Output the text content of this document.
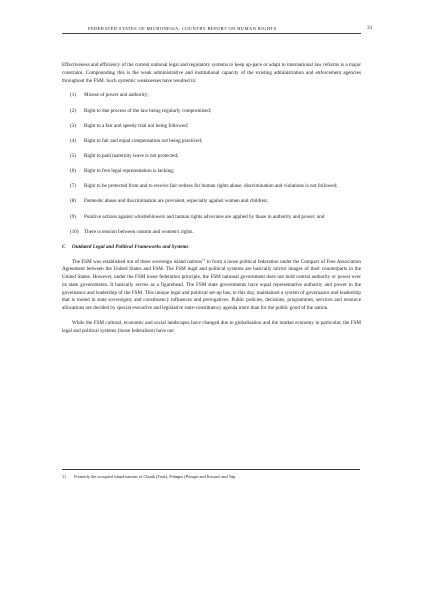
FEDERATED STATES OF MICRONESIA: COUNTRY REPORT ON HUMAN RIGHTS	31

Effectiveness and efficiency of the current national legal and regulatory systems to keep up-pace or adapt to international law reforms is a major constraint. Compounding this is the weak administrative and institutional capacity of the existing administration and enforcement agencies throughout the FSM. Such systemic weaknesses have resulted in:

(1)	Misuse of power and authority;
(2)	Right to due process of the law being regularly compromised;
(3)	Right to a fair and speedy trial not being followed;
(4)	Right to fair and equal compensation not being practiced;
(5)	Right to paid maternity leave is not protected;
(6)	Right to free legal representation is lacking;
(7)	Right to be protected from and to receive fair redress for human rights abuse, discrimination and violations is not followed;
(8)	Domestic abuse and discrimination are prevalent, especially against women and children;
(9)	Punitive actions against whistleblowers and human rights advocates are applied by those in authority and power; and
(10)	There is tension between custom and women's rights.
C Outdated Legal and Political Frameworks and Systems

The FSM was established out of three sovereign island nations$^{11}$ to form a loose political federation under the Compact of Free Association Agreement between the United States and FSM. The FSM legal and political systems are basically mirror images of their counterparts in the United States. However, under the FSM loose federation principle, the FSM national government does not hold central authority or power over its state governments. It basically serves as a figurehead. The FSM state governments have equal representative authority and power in the governance and leadership of the FSM. This unique legal and political set-up has, to this day, maintained a system of governance and leadership that is rooted in state sovereignty and constituency influences and prerogatives. Public policies, decisions, programmes, services and resource allocations are decided by special executive and legislative state-constituency agenda more than for the public good of the nation.

While the FSM cultural, economic and social landscapes have changed due to globalisation and the market economy in particular, the FSM legal and political systems (loose federalism) have not

11 Formerly the occupied island nations of Chuuk (Truk), Pohnpei (Ponape and Kosrae) and Yap.
